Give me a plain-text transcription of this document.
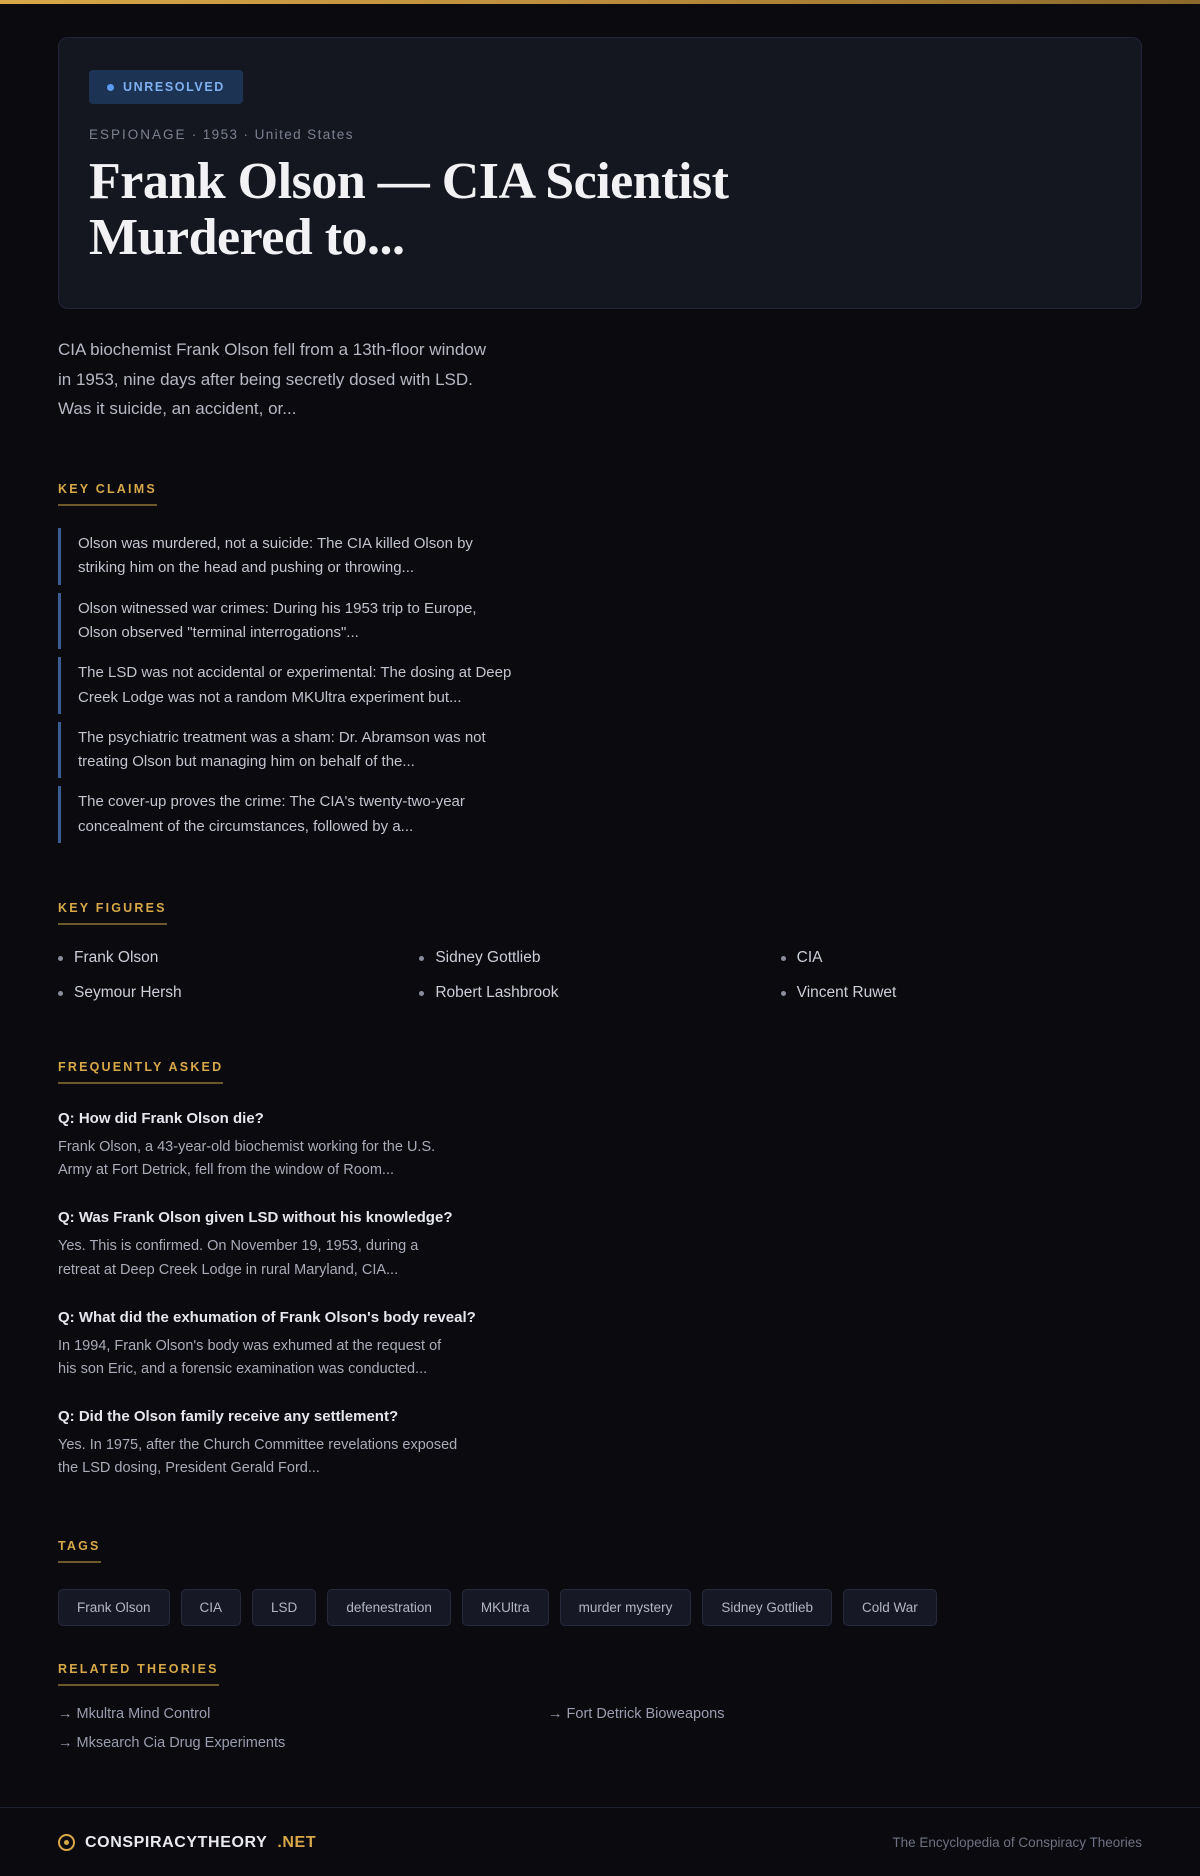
UNRESOLVED
ESPIONAGE · 1953 · United States
Frank Olson — CIA Scientist Murdered to...

CIA biochemist Frank Olson fell from a 13th-floor window in 1953, nine days after being secretly dosed with LSD. Was it suicide, an accident, or...

KEY CLAIMS
Olson was murdered, not a suicide: The CIA killed Olson by striking him on the head and pushing or throwing...
Olson witnessed war crimes: During his 1953 trip to Europe, Olson observed "terminal interrogations"...
The LSD was not accidental or experimental: The dosing at Deep Creek Lodge was not a random MKUltra experiment but...
The psychiatric treatment was a sham: Dr. Abramson was not treating Olson but managing him on behalf of the...
The cover-up proves the crime: The CIA's twenty-two-year concealment of the circumstances, followed by a...
KEY FIGURES
Frank Olson	Sidney Gottlieb	CIA
Seymour Hersh	Robert Lashbrook	Vincent Ruwet
FREQUENTLY ASKED
Q: How did Frank Olson die?
Frank Olson, a 43-year-old biochemist working for the U.S. Army at Fort Detrick, fell from the window of Room...
Q: Was Frank Olson given LSD without his knowledge?
Yes. This is confirmed. On November 19, 1953, during a retreat at Deep Creek Lodge in rural Maryland, CIA...
Q: What did the exhumation of Frank Olson's body reveal?
In 1994, Frank Olson's body was exhumed at the request of his son Eric, and a forensic examination was conducted...
Q: Did the Olson family receive any settlement?
Yes. In 1975, after the Church Committee revelations exposed the LSD dosing, President Gerald Ford...
TAGS
Frank Olson	CIA	LSD	defenestration	MKUltra	murder mystery	Sidney Gottlieb	Cold War
RELATED THEORIES
→ Mkultra Mind Control	→ Fort Detrick Bioweapons
→ Mksearch Cia Drug Experiments
CONSPIRACYTHEORY .NET	The Encyclopedia of Conspiracy Theories
